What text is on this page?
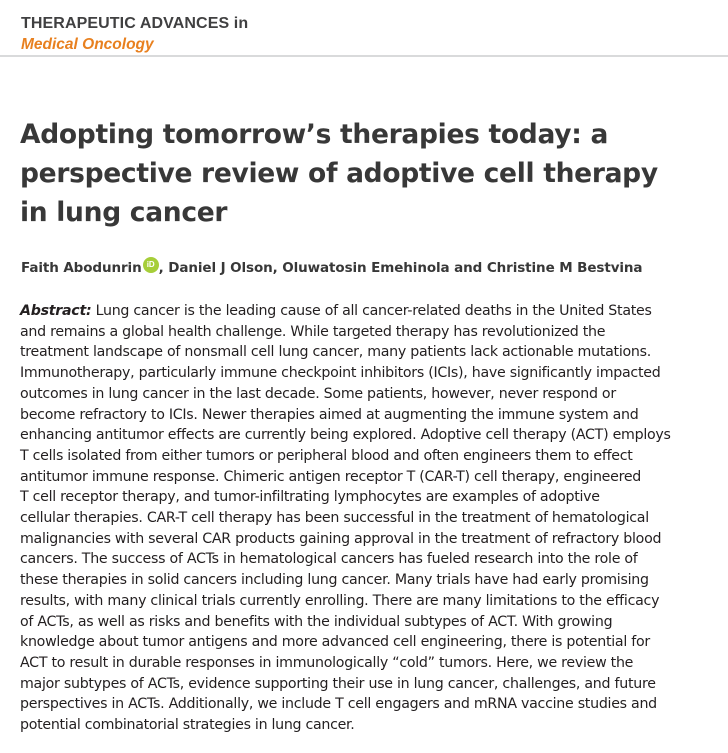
THERAPEUTIC ADVANCES in
Medical Oncology
Adopting tomorrow’s therapies today: a
perspective review of adoptive cell therapy
in lung cancer
Faith Abodunrin iD , Daniel J Olson, Oluwatosin Emehinola and Christine M Bestvina
Abstract: Lung cancer is the leading cause of all cancer-related deaths in the United States
and remains a global health challenge. While targeted therapy has revolutionized the
treatment landscape of nonsmall cell lung cancer, many patients lack actionable mutations.
Immunotherapy, particularly immune checkpoint inhibitors (ICIs), have significantly impacted
outcomes in lung cancer in the last decade. Some patients, however, never respond or
become refractory to ICIs. Newer therapies aimed at augmenting the immune system and
enhancing antitumor effects are currently being explored. Adoptive cell therapy (ACT) employs
T cells isolated from either tumors or peripheral blood and often engineers them to effect
antitumor immune response. Chimeric antigen receptor T (CAR-T) cell therapy, engineered
T cell receptor therapy, and tumor-infiltrating lymphocytes are examples of adoptive
cellular therapies. CAR-T cell therapy has been successful in the treatment of hematological
malignancies with several CAR products gaining approval in the treatment of refractory blood
cancers. The success of ACTs in hematological cancers has fueled research into the role of
these therapies in solid cancers including lung cancer. Many trials have had early promising
results, with many clinical trials currently enrolling. There are many limitations to the efficacy
of ACTs, as well as risks and benefits with the individual subtypes of ACT. With growing
knowledge about tumor antigens and more advanced cell engineering, there is potential for
ACT to result in durable responses in immunologically “cold” tumors. Here, we review the
major subtypes of ACTs, evidence supporting their use in lung cancer, challenges, and future
perspectives in ACTs. Additionally, we include T cell engagers and mRNA vaccine studies and
potential combinatorial strategies in lung cancer.
